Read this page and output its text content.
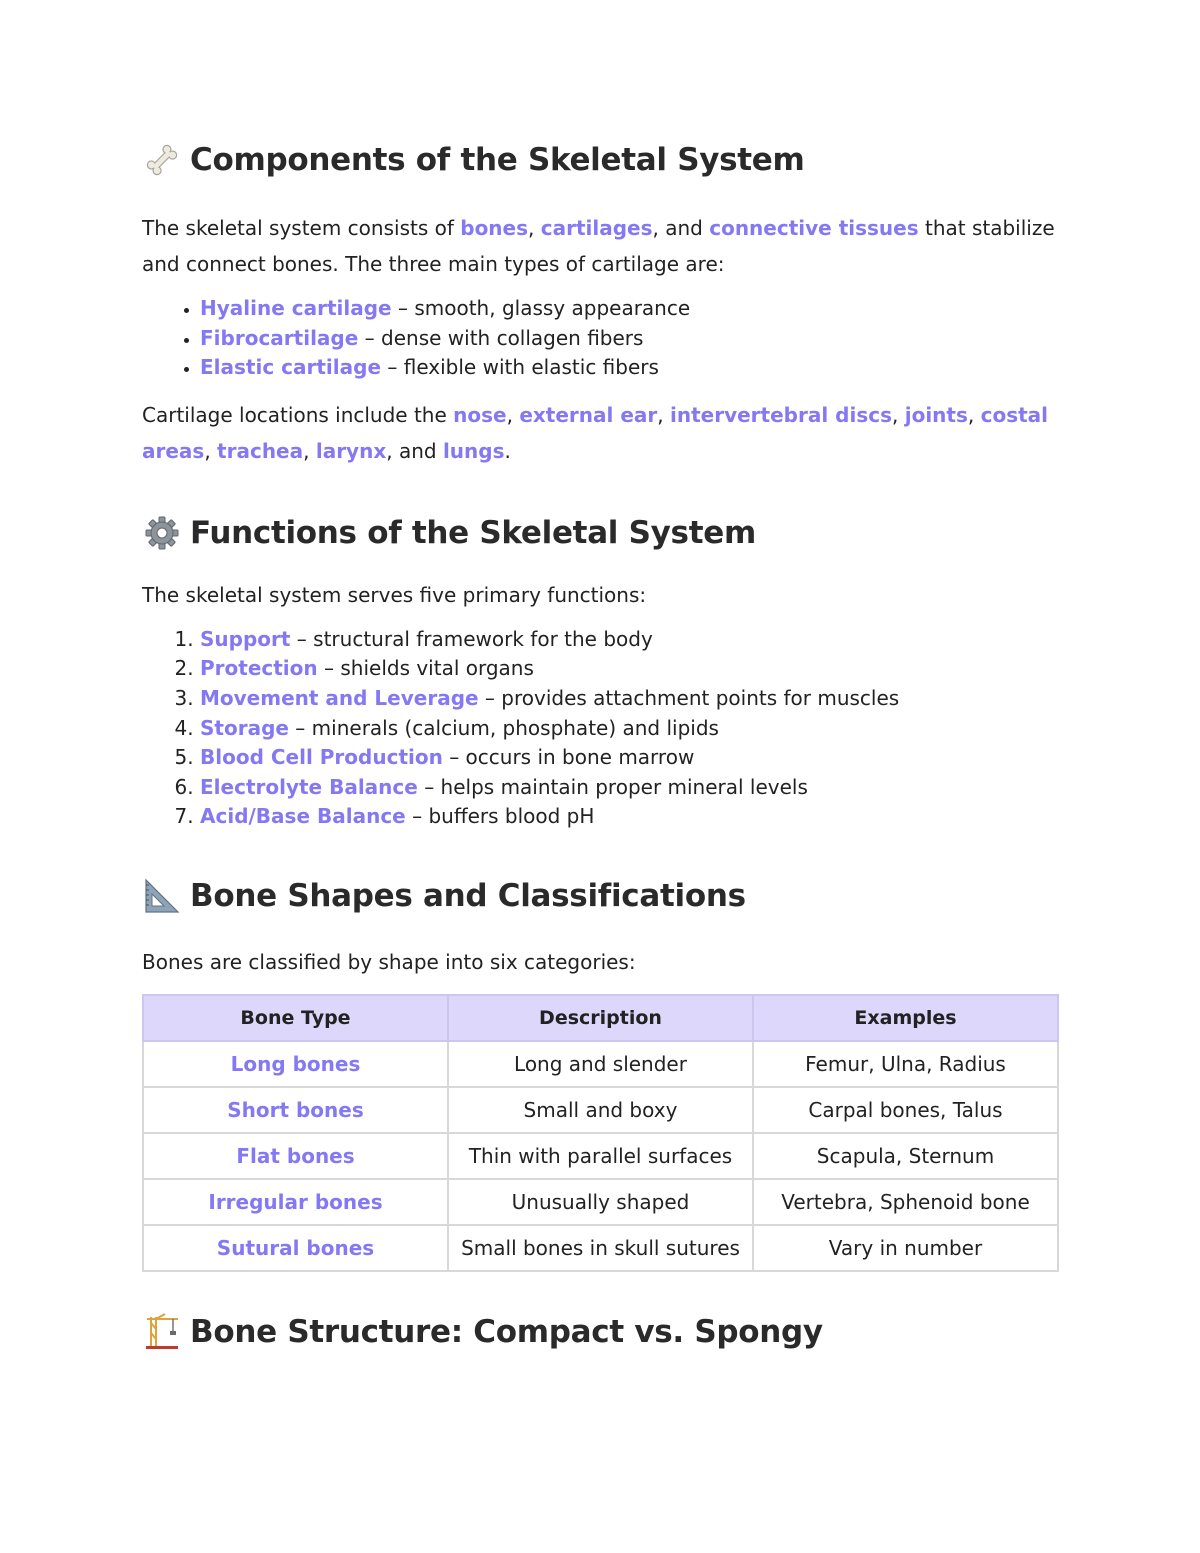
Components of the Skeletal System

The skeletal system consists of bones, cartilages, and connective tissues that stabilize and connect bones. The three main types of cartilage are:

• Hyaline cartilage – smooth, glassy appearance
• Fibrocartilage – dense with collagen fibers
• Elastic cartilage – flexible with elastic fibers

Cartilage locations include the nose, external ear, intervertebral discs, joints, costal areas, trachea, larynx, and lungs.

Functions of the Skeletal System

The skeletal system serves five primary functions:

1. Support – structural framework for the body
2. Protection – shields vital organs
3. Movement and Leverage – provides attachment points for muscles
4. Storage – minerals (calcium, phosphate) and lipids
5. Blood Cell Production – occurs in bone marrow
6. Electrolyte Balance – helps maintain proper mineral levels
7. Acid/Base Balance – buffers blood pH
Bone Shapes and Classifications

Bones are classified by shape into six categories:

Bone Type	Description	Examples
Long bones	Long and slender	Femur, Ulna, Radius
Short bones	Small and boxy	Carpal bones, Talus
Flat bones	Thin with parallel surfaces	Scapula, Sternum
Irregular bones	Unusually shaped	Vertebra, Sphenoid bone
Sutural bones	Small bones in skull sutures	Vary in number
Bone Structure: Compact vs. Spongy
